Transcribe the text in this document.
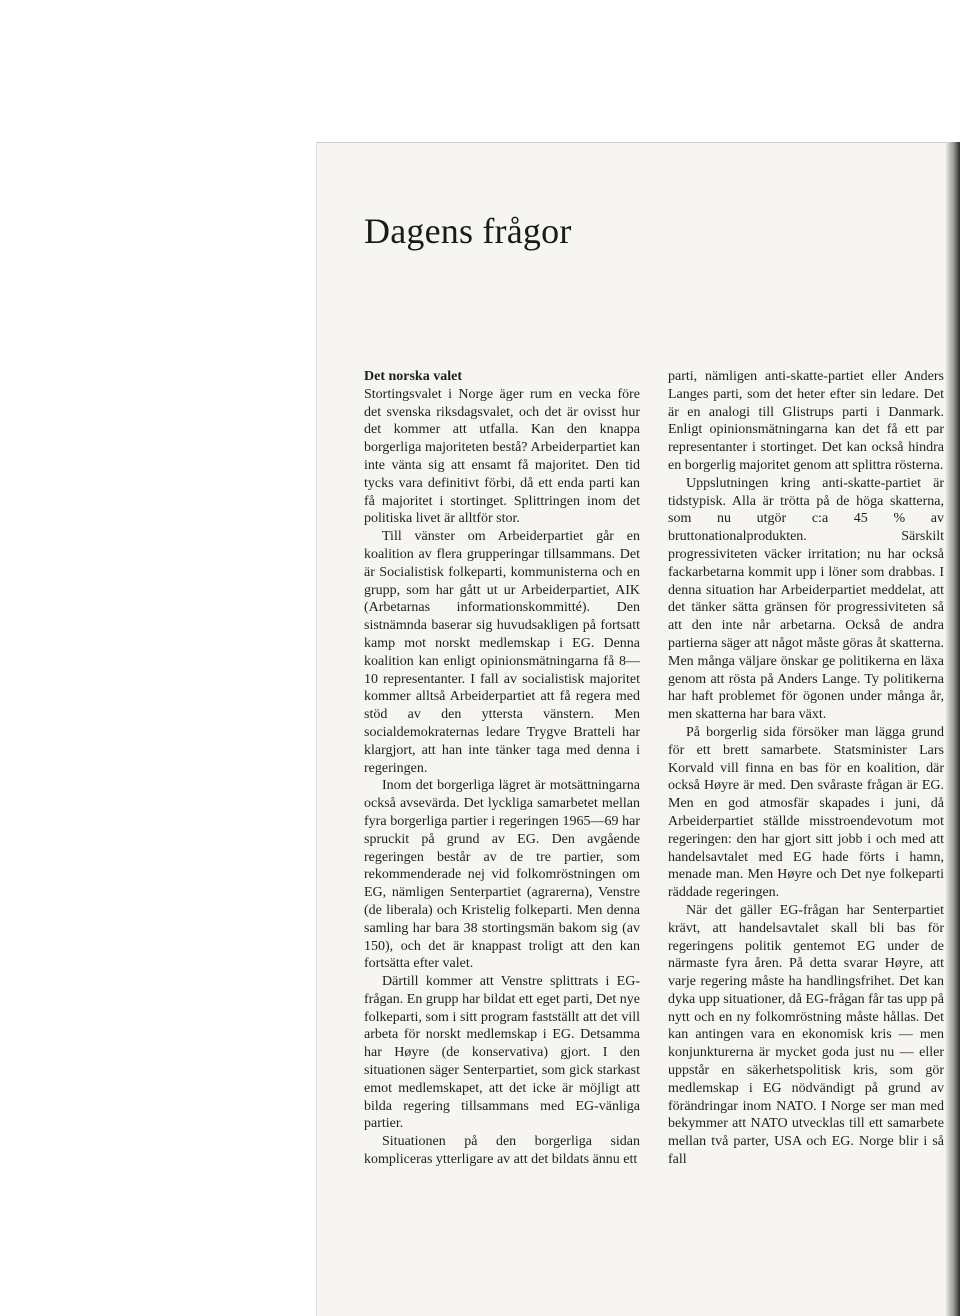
Dagens frågor

Det norska valet

Stortingsvalet i Norge äger rum en vecka före det svenska riksdagsvalet, och det är ovisst hur det kommer att utfalla. Kan den knappa borgerliga majoriteten bestå? Arbeiderpartiet kan inte vänta sig att ensamt få majoritet. Den tid tycks vara definitivt förbi, då ett enda parti kan få majoritet i stortinget. Splittringen inom det politiska livet är alltför stor.

Till vänster om Arbeiderpartiet går en koalition av flera grupperingar tillsammans. Det är Socialistisk folkeparti, kommunisterna och en grupp, som har gått ut ur Arbeiderpartiet, AIK (Arbetarnas informationskommitté). Den sistnämnda baserar sig huvudsakligen på fortsatt kamp mot norskt medlemskap i EG. Denna koalition kan enligt opinionsmätningarna få 8—10 representanter. I fall av socialistisk majoritet kommer alltså Arbeiderpartiet att få regera med stöd av den yttersta vänstern. Men socialdemokraternas ledare Trygve Bratteli har klargjort, att han inte tänker taga med denna i regeringen.

Inom det borgerliga lägret är motsättningarna också avsevärda. Det lyckliga samarbetet mellan fyra borgerliga partier i regeringen 1965—69 har spruckit på grund av EG. Den avgående regeringen består av de tre partier, som rekommenderade nej vid folkomröstningen om EG, nämligen Senterpartiet (agrarerna), Venstre (de liberala) och Kristelig folkeparti. Men denna samling har bara 38 stortingsmän bakom sig (av 150), och det är knappast troligt att den kan fortsätta efter valet.

Därtill kommer att Venstre splittrats i EG-frågan. En grupp har bildat ett eget parti, Det nye folkeparti, som i sitt program fastställt att det vill arbeta för norskt medlemskap i EG. Detsamma har Høyre (de konservativa) gjort. I den situationen säger Senterpartiet, som gick starkast emot medlemskapet, att det icke är möjligt att bilda regering tillsammans med EG-vänliga partier.

Situationen på den borgerliga sidan kompliceras ytterligare av att det bildats ännu ett

parti, nämligen anti-skatte-partiet eller Anders Langes parti, som det heter efter sin ledare. Det är en analogi till Glistrups parti i Danmark. Enligt opinionsmätningarna kan det få ett par representanter i stortinget. Det kan också hindra en borgerlig majoritet genom att splittra rösterna.

Uppslutningen kring anti-skatte-partiet är tidstypisk. Alla är trötta på de höga skatterna, som nu utgör c:a 45 % av bruttonationalprodukten. Särskilt progressiviteten väcker irritation; nu har också fackarbetarna kommit upp i löner som drabbas. I denna situation har Arbeiderpartiet meddelat, att det tänker sätta gränsen för progressiviteten så att den inte når arbetarna. Också de andra partierna säger att något måste göras åt skatterna. Men många väljare önskar ge politikerna en läxa genom att rösta på Anders Lange. Ty politikerna har haft problemet för ögonen under många år, men skatterna har bara växt.

På borgerlig sida försöker man lägga grund för ett brett samarbete. Statsminister Lars Korvald vill finna en bas för en koalition, där också Høyre är med. Den svåraste frågan är EG. Men en god atmosfär skapades i juni, då Arbeiderpartiet ställde misstroendevotum mot regeringen: den har gjort sitt jobb i och med att handelsavtalet med EG hade förts i hamn, menade man. Men Høyre och Det nye folkeparti räddade regeringen.

När det gäller EG-frågan har Senterpartiet krävt, att handelsavtalet skall bli bas för regeringens politik gentemot EG under de närmaste fyra åren. På detta svarar Høyre, att varje regering måste ha handlingsfrihet. Det kan dyka upp situationer, då EG-frågan får tas upp på nytt och en ny folkomröstning måste hållas. Det kan antingen vara en ekonomisk kris — men konjunkturerna är mycket goda just nu — eller uppstår en säkerhetspolitisk kris, som gör medlemskap i EG nödvändigt på grund av förändringar inom NATO. I Norge ser man med bekymmer att NATO utvecklas till ett samarbete mellan två parter, USA och EG. Norge blir i så fall
